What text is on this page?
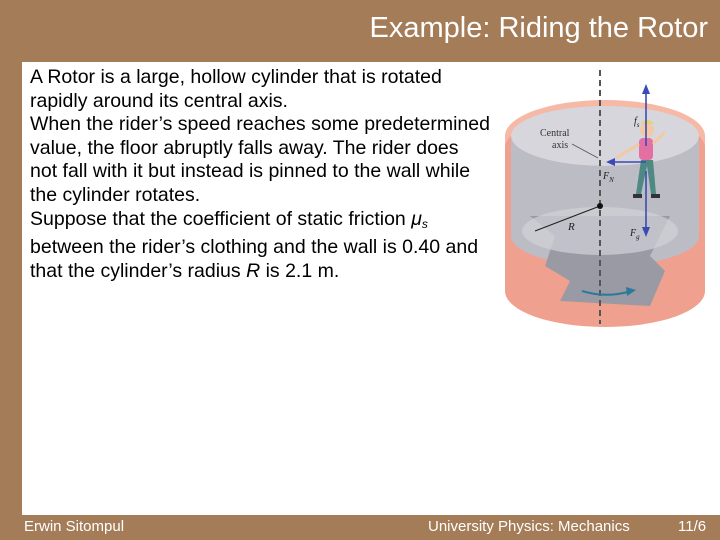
Example: Riding the Rotor

A Rotor is a large, hollow cylinder that is rotated rapidly around its central axis.

When the rider’s speed reaches some predetermined value, the floor abruptly falls away. The rider does not fall with it but instead is pinned to the wall while the cylinder rotates.

Suppose that the coefficient of static friction $\mu_s$ between the rider’s clothing and the wall is 0.40 and that the cylinder’s radius R is 2.1 m.

Central
axis
R
$f_s$
$F_N$
$F_g$
Erwin Sitompul	University Physics: Mechanics	11/6
